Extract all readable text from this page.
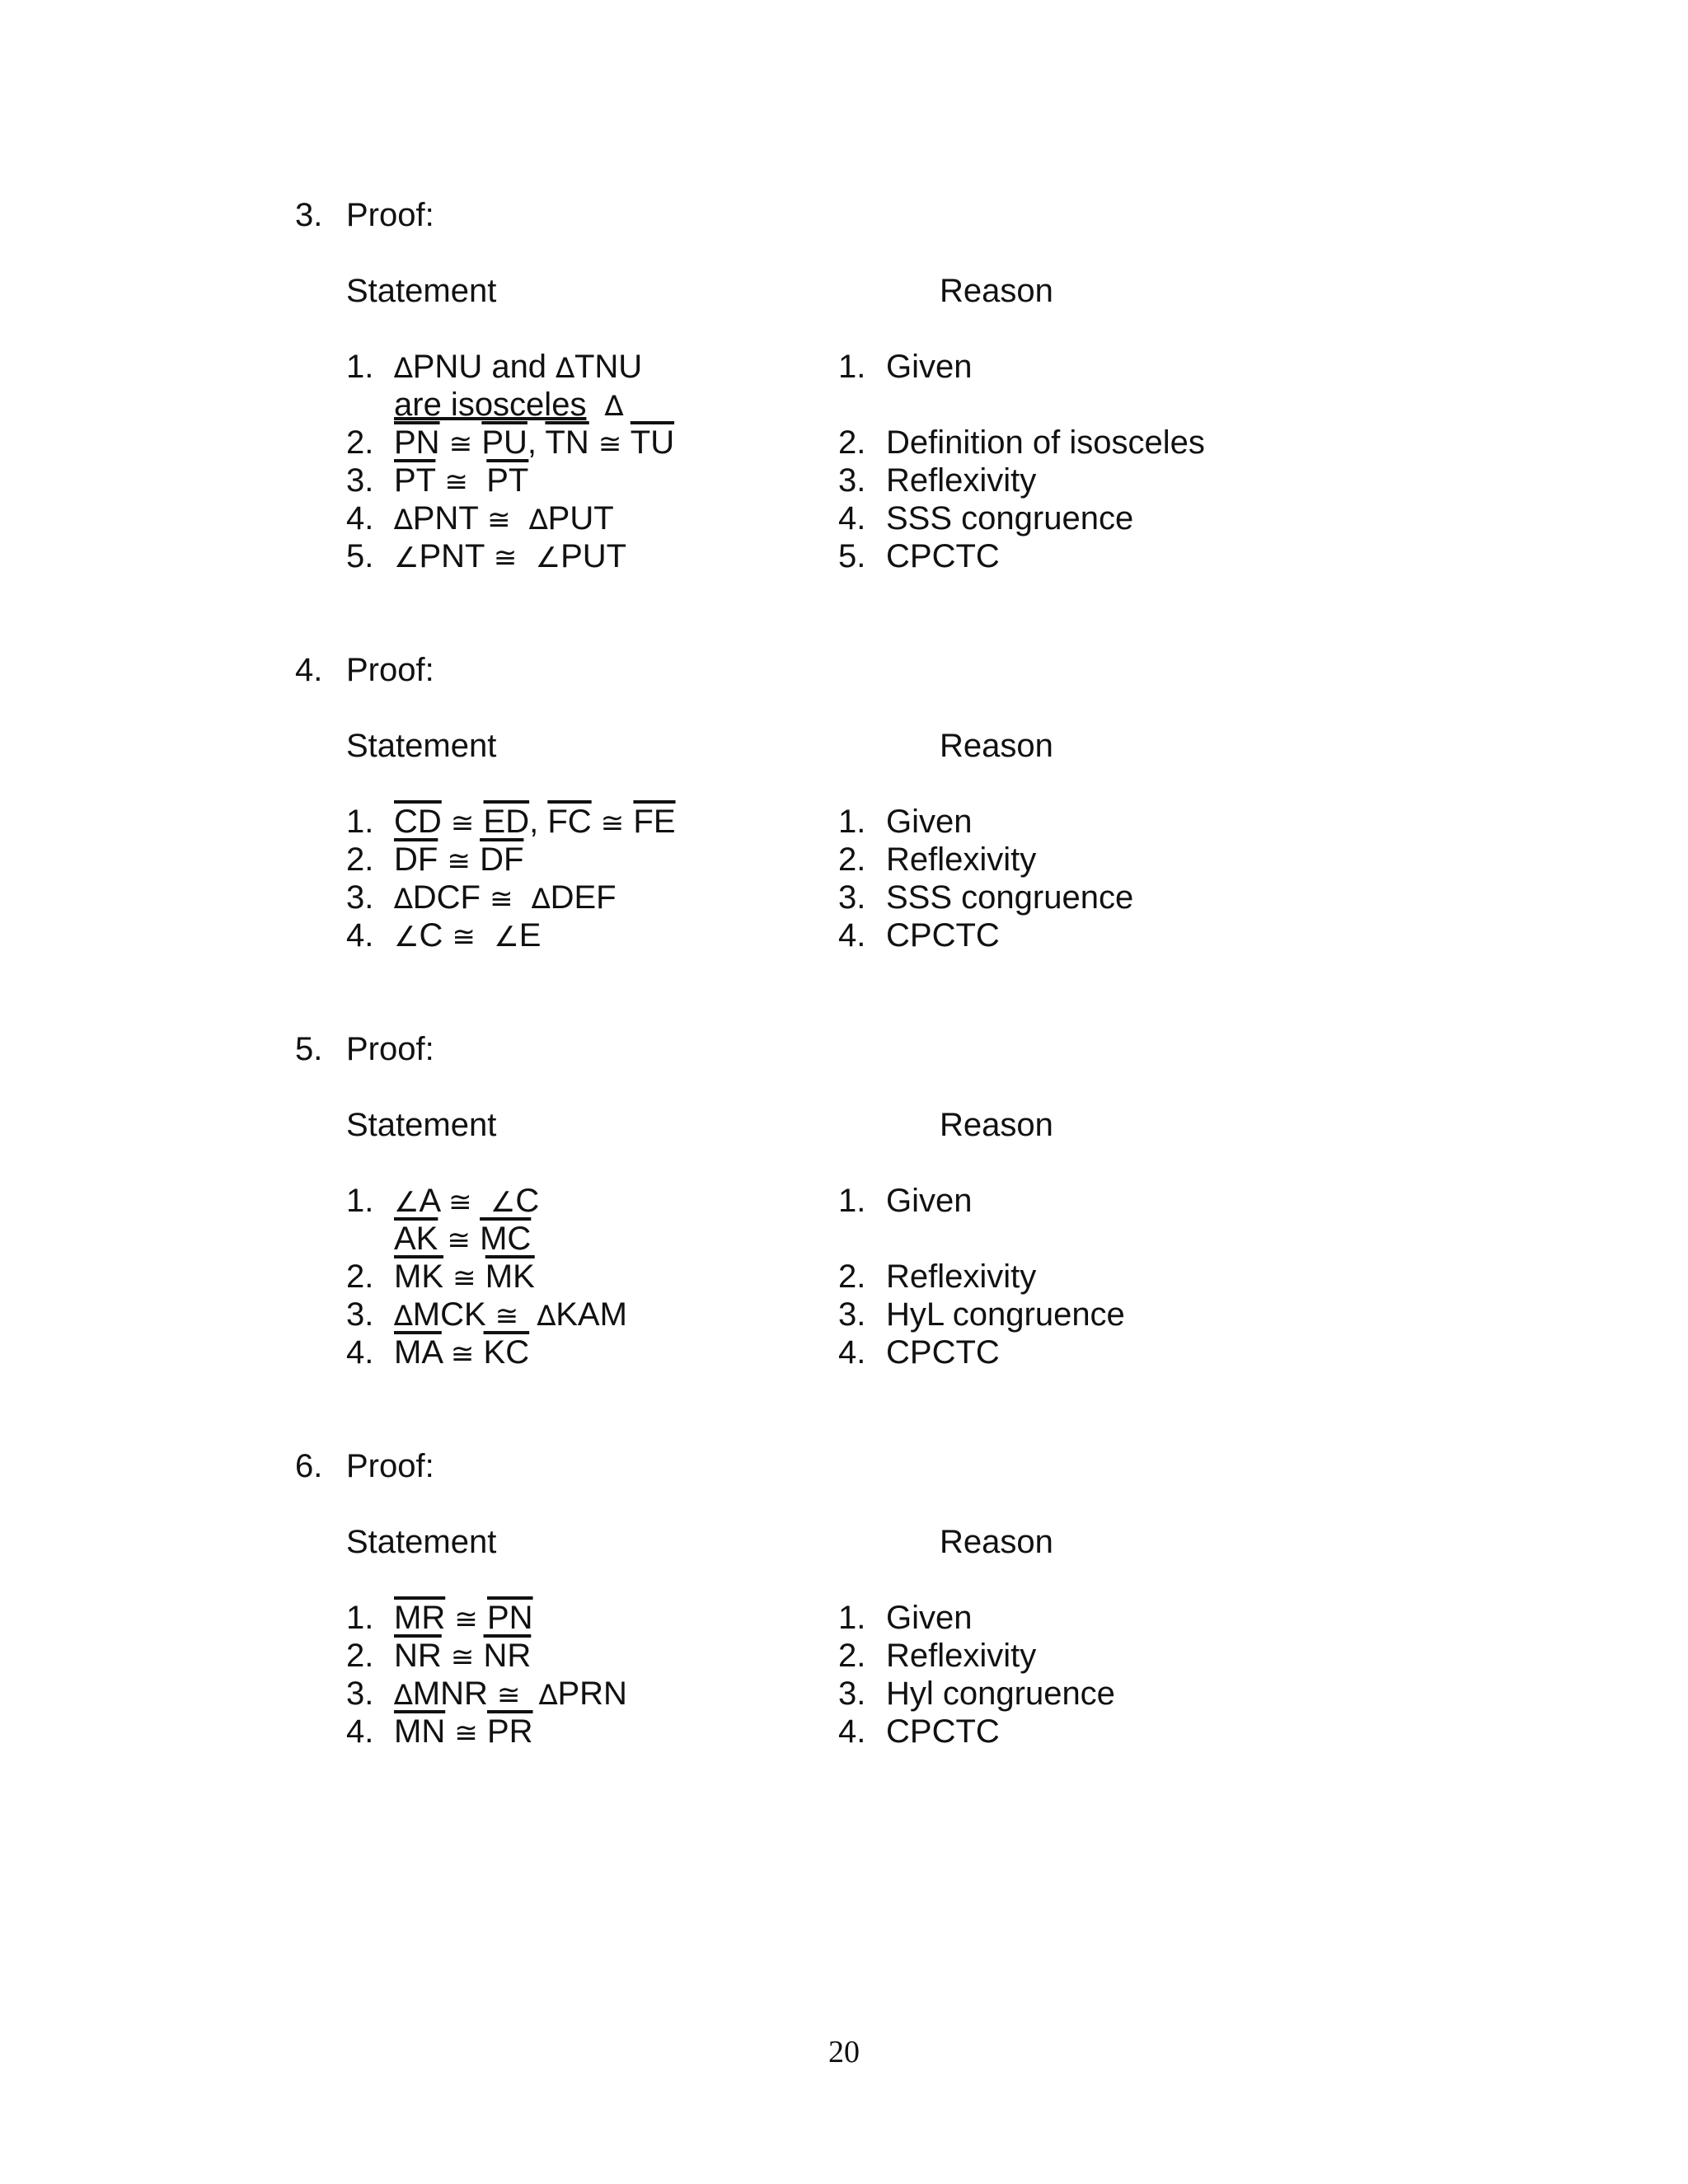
3. Proof:
Statement	Reason
1. ∆PNU and ∆TNU	1. Given
are isosceles ∆
2. $\overline{PN}$ ≅ $\overline{PU}$, $\overline{TN}$ ≅ $\overline{TU}$	2. Definition of isosceles
3. $\overline{PT}$ ≅ $\overline{PT}$	3. Reflexivity
4. ∆PNT ≅ ∆PUT	4. SSS congruence
5. ∠PNT ≅ ∠PUT	5. CPCTC
4. Proof:
Statement	Reason
1. $\overline{CD}$ ≅ $\overline{ED}$, $\overline{FC}$ ≅ $\overline{FE}$	1. Given
2. $\overline{DF}$ ≅ $\overline{DF}$	2. Reflexivity
3. ∆DCF ≅ ∆DEF	3. SSS congruence
4. ∠C ≅ ∠E	4. CPCTC
5. Proof:
Statement	Reason
1. ∠A ≅ ∠C	1. Given
$\overline{AK}$ ≅ $\overline{MC}$
2. $\overline{MK}$ ≅ $\overline{MK}$	2. Reflexivity
3. ∆MCK ≅ ∆KAM	3. HyL congruence
4. $\overline{MA}$ ≅ $\overline{KC}$	4. CPCTC
6. Proof:
Statement	Reason
1. $\overline{MR}$ ≅ $\overline{PN}$	1. Given
2. $\overline{NR}$ ≅ $\overline{NR}$	2. Reflexivity
3. ∆MNR ≅ ∆PRN	3. Hyl congruence
4. $\overline{MN}$ ≅ $\overline{PR}$	4. CPCTC
20
